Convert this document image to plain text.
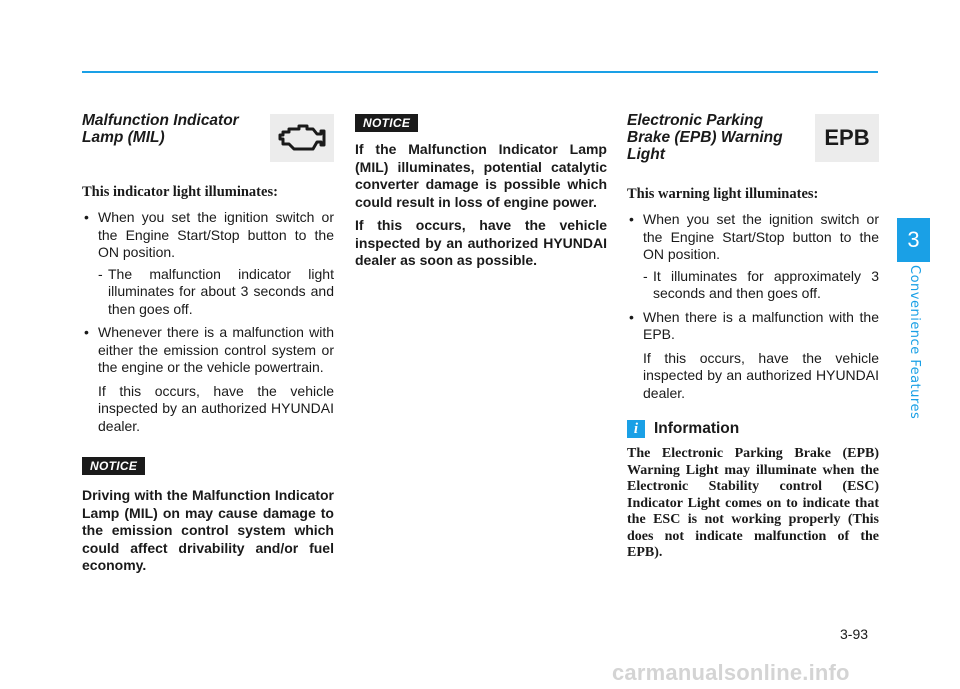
Malfunction Indicator Lamp (MIL)

This indicator light illuminates:

• When you set the ignition switch or the Engine Start/Stop button to the ON position.
- The malfunction indicator light illuminates for about 3 seconds and then goes off.
• Whenever there is a malfunction with either the emission control system or the engine or the vehicle powertrain.
If this occurs, have the vehicle inspected by an authorized HYUNDAI dealer.
NOTICE

Driving with the Malfunction Indicator Lamp (MIL) on may cause damage to the emission control system which could affect drivability and/or fuel economy.

NOTICE

If the Malfunction Indicator Lamp (MIL) illuminates, potential catalytic converter damage is possible which could result in loss of engine power.

If this occurs, have the vehicle inspected by an authorized HYUNDAI dealer as soon as possible.

Electronic Parking Brake (EPB) Warning Light
EPB

This warning light illuminates:

• When you set the ignition switch or the Engine Start/Stop button to the ON position.
- It illuminates for approximately 3 seconds and then goes off.
• When there is a malfunction with the EPB.
If this occurs, have the vehicle inspected by an authorized HYUNDAI dealer.
i	Information

The Electronic Parking Brake (EPB) Warning Light may illuminate when the Electronic Stability control (ESC) Indicator Light comes on to indicate that the ESC is not working properly (This does not indicate malfunction of the EPB).

3
Convenience Features
3-93
carmanualsonline.info
